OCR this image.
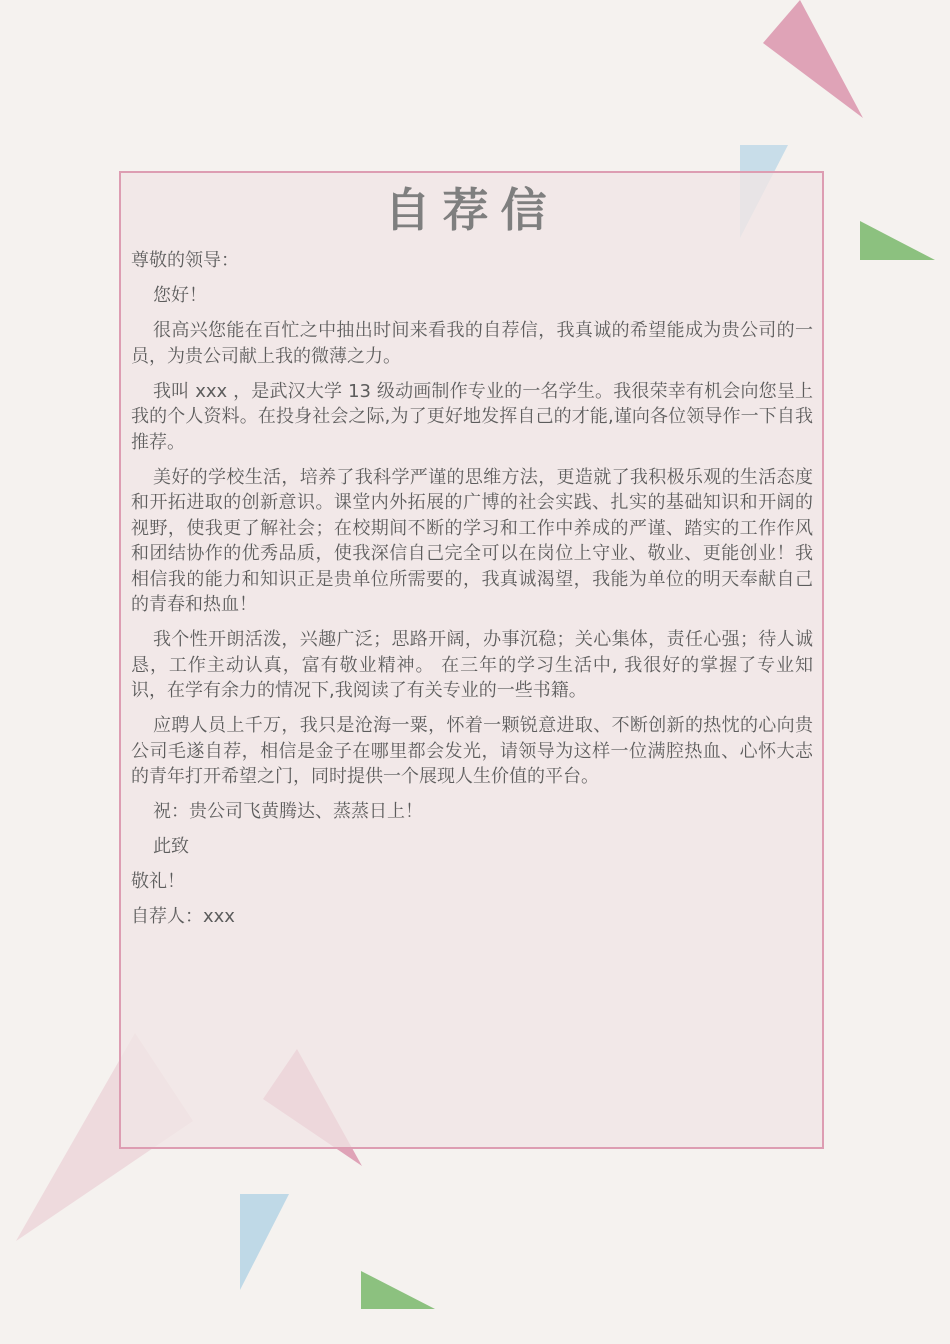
自荐信

尊敬的领导：

您好！

很高兴您能在百忙之中抽出时间来看我的自荐信，我真诚的希望能成为贵公司的一员，为贵公司献上我的微薄之力。

我叫 xxx ，是武汉大学 13 级动画制作专业的一名学生。我很荣幸有机会向您呈上我的个人资料。在投身社会之际,为了更好地发挥自己的才能,谨向各位领导作一下自我推荐。

美好的学校生活，培养了我科学严谨的思维方法，更造就了我积极乐观的生活态度和开拓进取的创新意识。课堂内外拓展的广博的社会实践、扎实的基础知识和开阔的视野，使我更了解社会；在校期间不断的学习和工作中养成的严谨、踏实的工作作风和团结协作的优秀品质，使我深信自己完全可以在岗位上守业、敬业、更能创业！我相信我的能力和知识正是贵单位所需要的，我真诚渴望，我能为单位的明天奉献自己的青春和热血！

我个性开朗活泼，兴趣广泛；思路开阔，办事沉稳；关心集体，责任心强；待人诚恳，工作主动认真，富有敬业精神。 在三年的学习生活中, 我很好的掌握了专业知识，在学有余力的情况下,我阅读了有关专业的一些书籍。

应聘人员上千万，我只是沧海一粟，怀着一颗锐意进取、不断创新的热忱的心向贵公司毛遂自荐，相信是金子在哪里都会发光，请领导为这样一位满腔热血、心怀大志的青年打开希望之门，同时提供一个展现人生价值的平台。

祝：贵公司飞黄腾达、蒸蒸日上！

此致

敬礼！

自荐人：xxx
